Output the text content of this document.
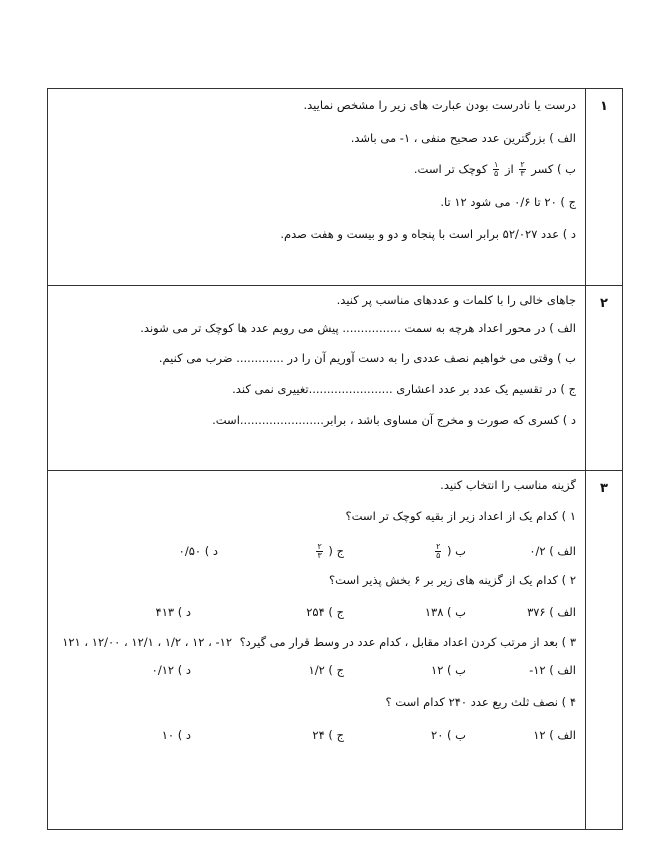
۱
درست یا نادرست بودن عبارت های زیر را مشخص نمایید.
الف ) بزرگترین عدد صحیح منفی ، ۱- می باشد.
ب ) کسر
$\frac{۲}{۳}$
از
$\frac{۱}{۵}$
کوچک تر است.
ج ) ۲۰ تا ۰/۶ می شود ۱۲ تا.
د ) عدد ۵۲/۰۲۷ برابر است با پنجاه و دو و بیست و هفت صدم.
۲
جاهای خالی را با کلمات و عددهای مناسب پر کنید.
الف ) در محور اعداد هرچه به سمت ................ پیش می رویم عدد ها کوچک تر می شوند.
ب ) وقتی می خواهیم نصف عددی را به دست آوریم آن را در ............. ضرب می کنیم.
ج ) در تقسیم یک عدد بر عدد اعشاری .......................تغییری نمی کند.
د ) کسری که صورت و مخرج آن مساوی باشد ، برابر.......................است.
۳
گزینه مناسب را انتخاب کنید.
۱ ) کدام یک از اعداد زیر از بقیه کوچک تر است؟
الف ) ۰/۲
ب (
$\frac{۲}{۵}$
ج (
$\frac{۲}{۳}$
د ) ۰/۵۰
۲ ) کدام یک از گزینه های زیر بر ۶ بخش پذیر است؟
الف ) ۳۷۶
ب ) ۱۳۸
ج ) ۲۵۴
د ) ۴۱۳
۳ ) بعد از مرتب کردن اعداد مقابل ، کدام عدد در وسط قرار می گیرد؟
۱۲- ، ۱۲ ، ۱/۲ ، ۱۲/۱ ، ۱۲/۰۰ ، ۱۲۱
الف ) ۱۲-
ب ) ۱۲
ج ) ۱/۲
د ) ۰/۱۲
۴ ) نصف ثلث ربع عدد ۲۴۰ کدام است ؟
الف ) ۱۲
ب ) ۲۰
ج ) ۲۴
د ) ۱۰
